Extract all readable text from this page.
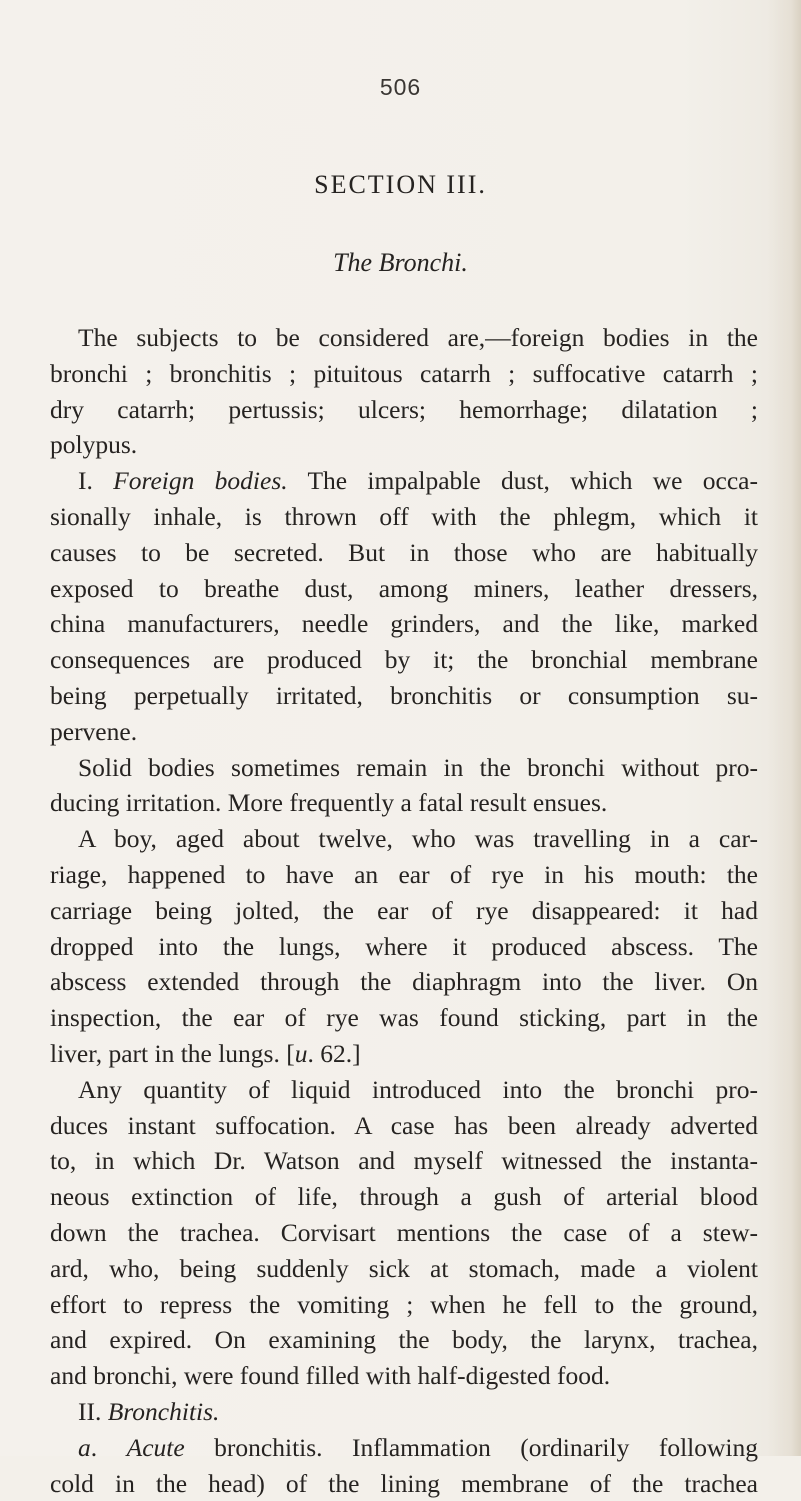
506
SECTION III.
The Bronchi.
The subjects to be considered are,—foreign bodies in the
bronchi ; bronchitis ; pituitous catarrh ; suffocative catarrh ;
dry catarrh; pertussis; ulcers; hemorrhage; dilatation ;
polypus.
I. Foreign bodies. The impalpable dust, which we occa-
sionally inhale, is thrown off with the phlegm, which it
causes to be secreted. But in those who are habitually
exposed to breathe dust, among miners, leather dressers,
china manufacturers, needle grinders, and the like, marked
consequences are produced by it; the bronchial membrane
being perpetually irritated, bronchitis or consumption su-
pervene.
Solid bodies sometimes remain in the bronchi without pro-
ducing irritation. More frequently a fatal result ensues.
A boy, aged about twelve, who was travelling in a car-
riage, happened to have an ear of rye in his mouth: the
carriage being jolted, the ear of rye disappeared: it had
dropped into the lungs, where it produced abscess. The
abscess extended through the diaphragm into the liver. On
inspection, the ear of rye was found sticking, part in the
liver, part in the lungs. [u. 62.]
Any quantity of liquid introduced into the bronchi pro-
duces instant suffocation. A case has been already adverted
to, in which Dr. Watson and myself witnessed the instanta-
neous extinction of life, through a gush of arterial blood
down the trachea. Corvisart mentions the case of a stew-
ard, who, being suddenly sick at stomach, made a violent
effort to repress the vomiting ; when he fell to the ground,
and expired. On examining the body, the larynx, trachea,
and bronchi, were found filled with half-digested food.
II. Bronchitis.
a. Acute bronchitis. Inflammation (ordinarily following
cold in the head) of the lining membrane of the trachea
